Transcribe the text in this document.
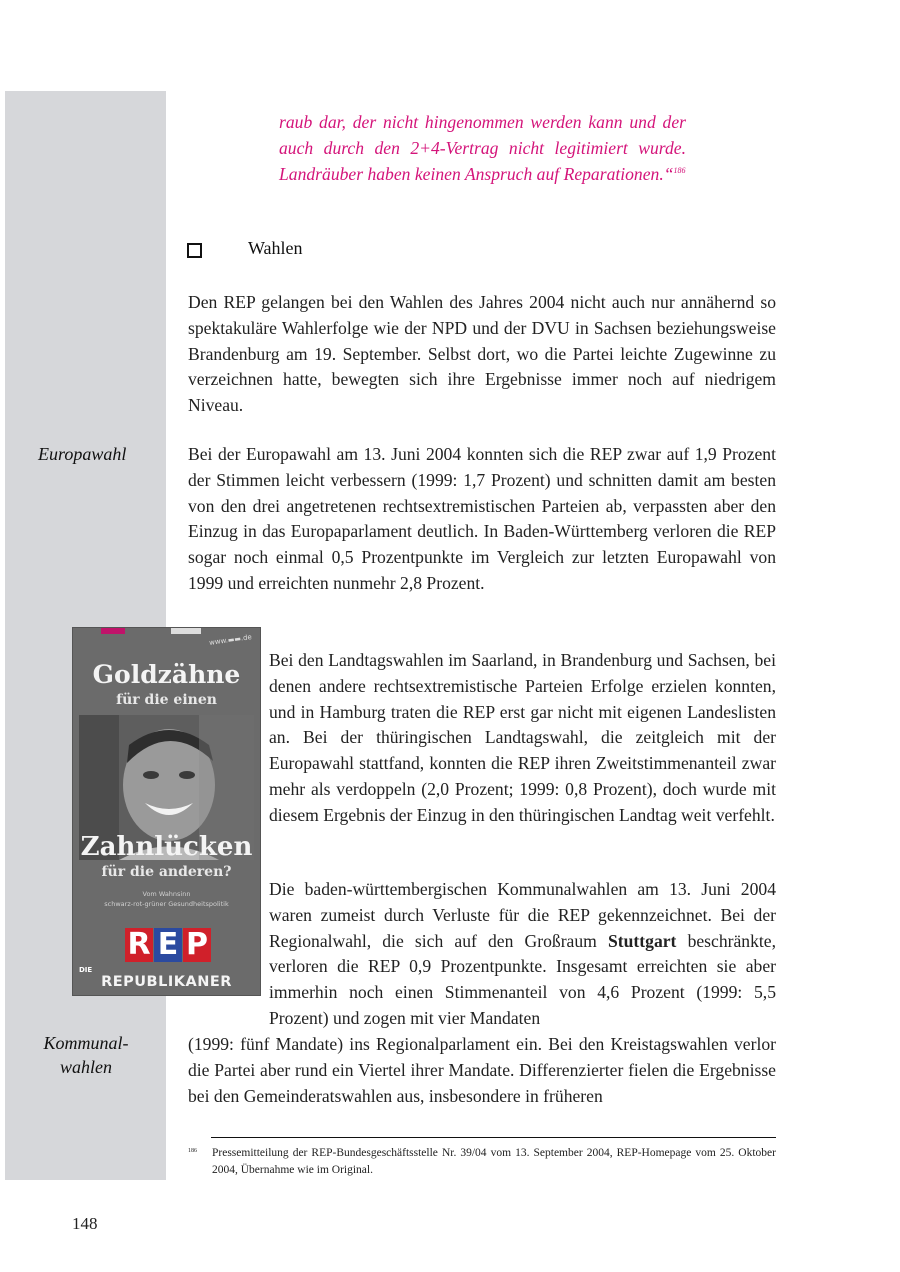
raub dar, der nicht hingenommen werden kann und der auch durch den 2+4-Vertrag nicht legitimiert wurde. Landräuber haben keinen Anspruch auf Reparationen.“$^{186}$

Wahlen

Den REP gelangen bei den Wahlen des Jahres 2004 nicht auch nur annähernd so spektakuläre Wahlerfolge wie der NPD und der DVU in Sachsen beziehungsweise Brandenburg am 19. September. Selbst dort, wo die Partei leichte Zugewinne zu verzeichnen hatte, bewegten sich ihre Ergebnisse immer noch auf niedrigem Niveau.

Europawahl	Bei der Europawahl am 13. Juni 2004 konnten sich die REP zwar auf 1,9 Prozent der Stimmen leicht verbessern (1999: 1,7 Prozent) und schnitten damit am besten von den drei angetretenen rechtsextremistischen Parteien ab, verpassten aber den Einzug in das Europaparlament deutlich. In Baden-Württemberg verloren die REP sogar noch einmal 0,5 Prozentpunkte im Vergleich zur letzten Europawahl von 1999 und erreichten nunmehr 2,8 Prozent.

www.▬▬.de
Goldzähne
für die einen
Zahnlücken
für die anderen?
Vom Wahnsinn
schwarz-rot-grüner Gesundheitspolitik
R E P
DIE
REPUBLIKANER

Bei den Landtagswahlen im Saarland, in Brandenburg und Sachsen, bei denen andere rechtsextremistische Parteien Erfolge erzielen konnten, und in Hamburg traten die REP erst gar nicht mit eigenen Landeslisten an. Bei der thüringischen Landtagswahl, die zeitgleich mit der Europawahl stattfand, konnten die REP ihren Zweitstimmenanteil zwar mehr als verdoppeln (2,0 Prozent; 1999: 0,8 Prozent), doch wurde mit diesem Ergebnis der Einzug in den thüringischen Landtag weit verfehlt.

Die baden-württembergischen Kommunalwahlen am 13. Juni 2004 waren zumeist durch Verluste für die REP gekennzeichnet. Bei der Regionalwahl, die sich auf den Großraum Stuttgart beschränkte, verloren die REP 0,9 Prozentpunkte. Insgesamt erreichten sie aber immerhin noch einen Stimmenanteil von 4,6 Prozent (1999: 5,5 Prozent) und zogen mit vier Mandaten

(1999: fünf Mandate) ins Regionalparlament ein. Bei den Kreistagswahlen verlor die Partei aber rund ein Viertel ihrer Mandate. Differenzierter fielen die Ergebnisse bei den Gemeinderatswahlen aus, insbesondere in früheren

Kommunal-
wahlen
186 Pressemitteilung der REP-Bundesgeschäftsstelle Nr. 39/04 vom 13. September 2004, REP-Homepage vom 25. Oktober 2004, Übernahme wie im Original.
148
